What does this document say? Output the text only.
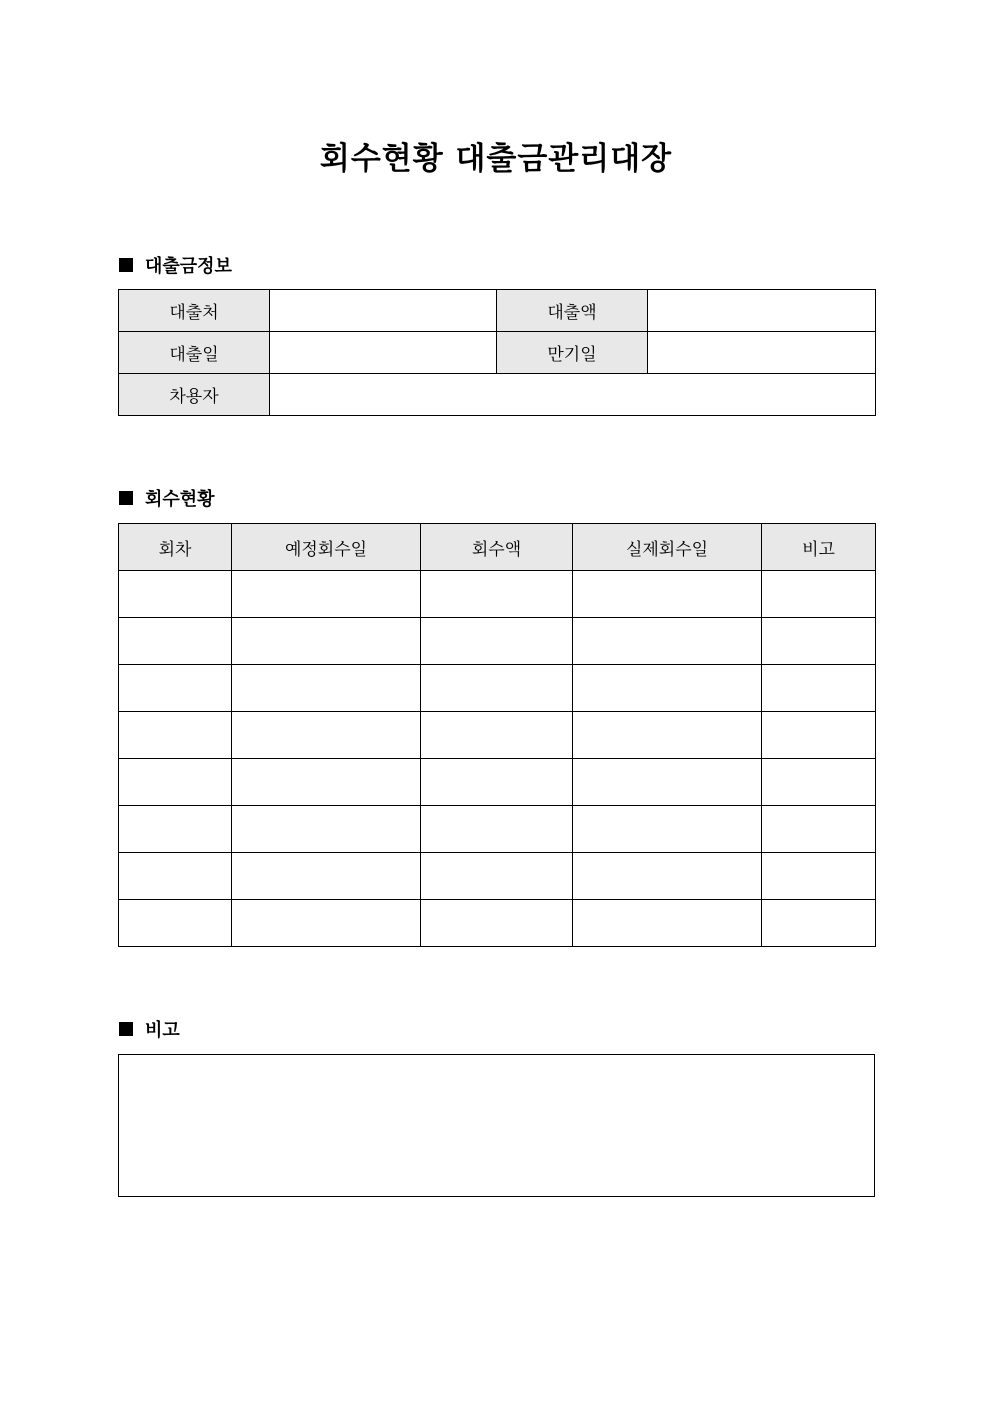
회수현황 대출금관리대장
대출금정보
대출처		대출액	
대출일		만기일	
차용자			
회수현황
회차	예정회수일	회수액	실제회수일	비고

비고
